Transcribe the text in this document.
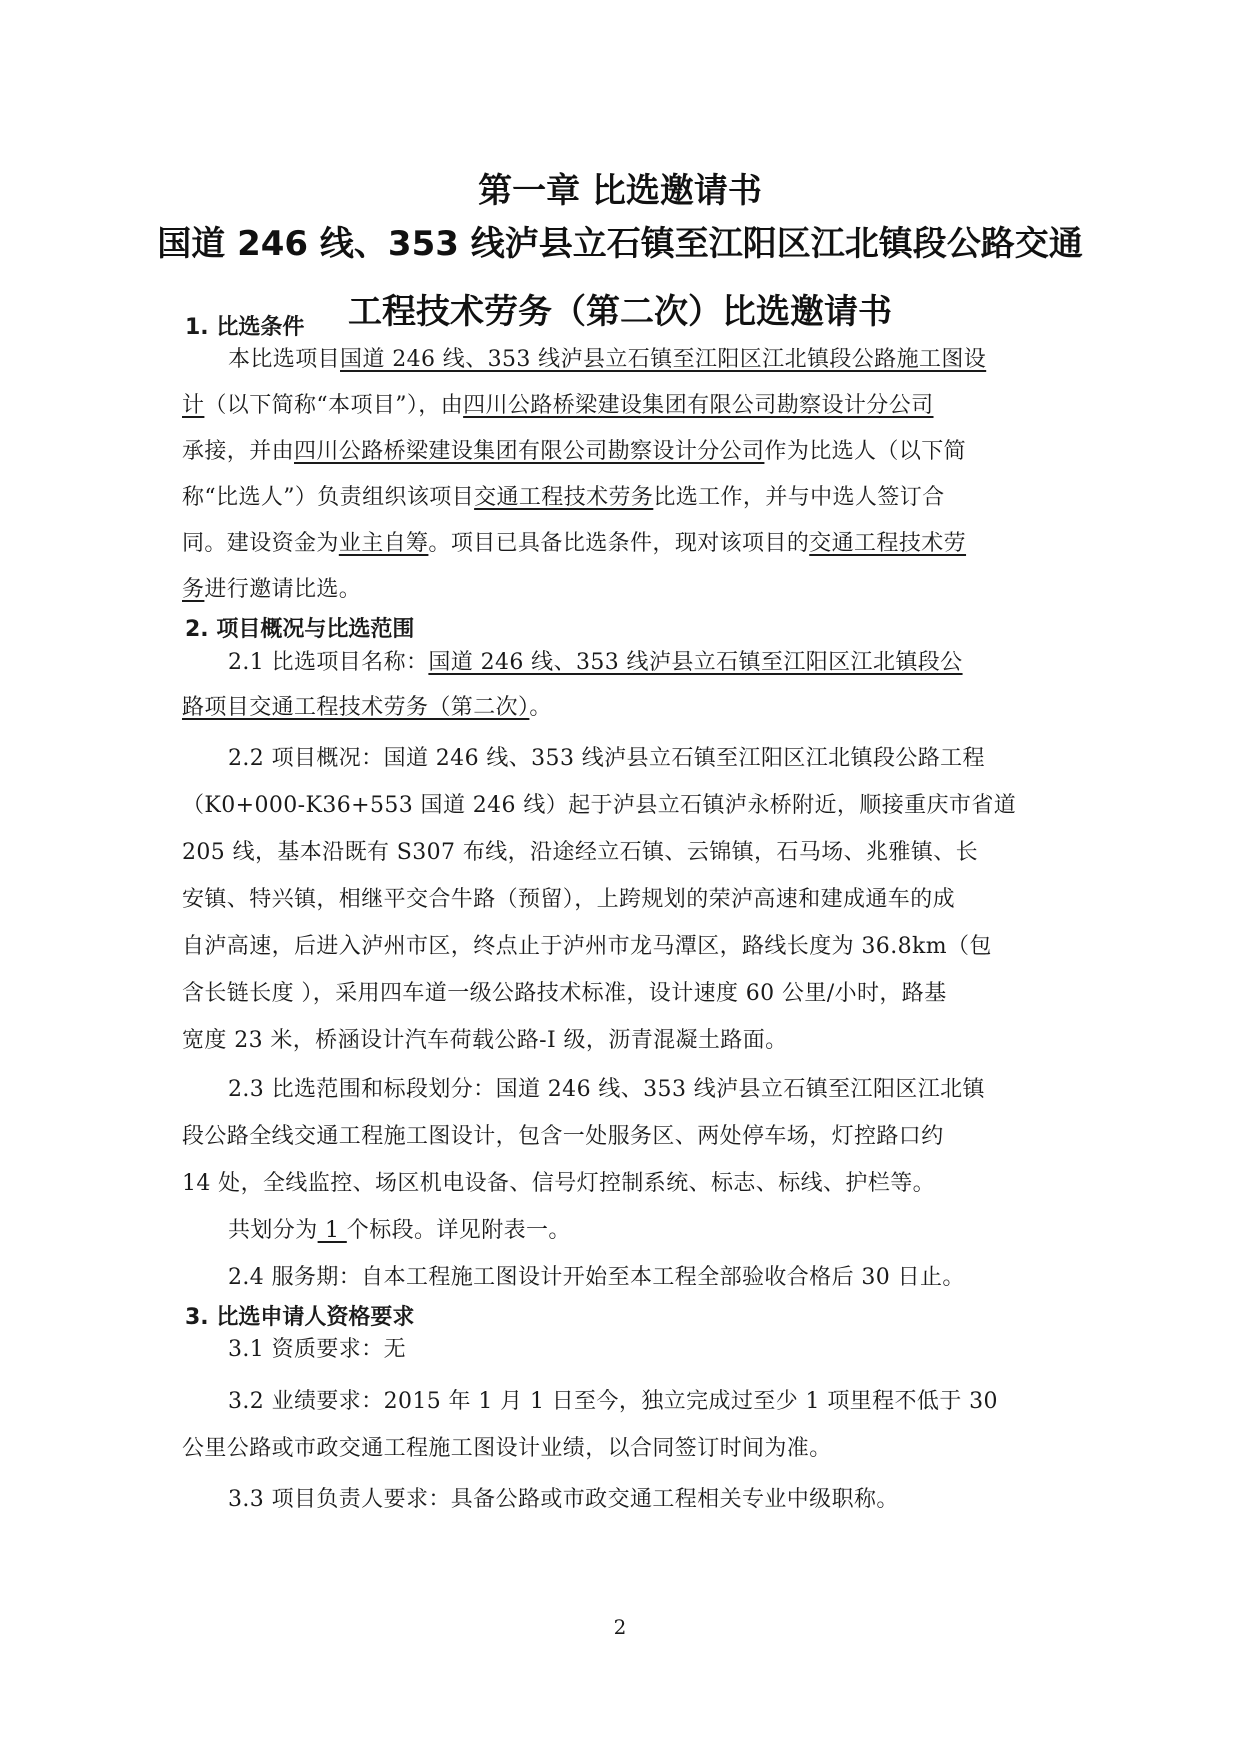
第一章 比选邀请书
国道 246 线、353 线泸县立石镇至江阳区江北镇段公路交通
工程技术劳务（第二次）比选邀请书
1. 比选条件
本比选项目国道 246 线、353 线泸县立石镇至江阳区江北镇段公路施工图设
计（以下简称“本项目”），由四川公路桥梁建设集团有限公司勘察设计分公司
承接，并由四川公路桥梁建设集团有限公司勘察设计分公司作为比选人（以下简
称“比选人”）负责组织该项目交通工程技术劳务比选工作，并与中选人签订合
同。建设资金为业主自筹。项目已具备比选条件，现对该项目的交通工程技术劳
务进行邀请比选。
2. 项目概况与比选范围
2.1 比选项目名称：国道 246 线、353 线泸县立石镇至江阳区江北镇段公
路项目交通工程技术劳务（第二次）。
2.2 项目概况：国道 246 线、353 线泸县立石镇至江阳区江北镇段公路工程
（K0+000-K36+553 国道 246 线）起于泸县立石镇泸永桥附近，顺接重庆市省道
205 线，基本沿既有 S307 布线，沿途经立石镇、云锦镇，石马场、兆雅镇、长
安镇、特兴镇，相继平交合牛路（预留），上跨规划的荣泸高速和建成通车的成
自泸高速，后进入泸州市区，终点止于泸州市龙马潭区，路线长度为 36.8km（包
含长链长度 ），采用四车道一级公路技术标准，设计速度 60 公里/小时，路基
宽度 23 米，桥涵设计汽车荷载公路-I 级，沥青混凝土路面。
2.3 比选范围和标段划分：国道 246 线、353 线泸县立石镇至江阳区江北镇
段公路全线交通工程施工图设计，包含一处服务区、两处停车场，灯控路口约
14 处，全线监控、场区机电设备、信号灯控制系统、标志、标线、护栏等。
共划分为 1 个标段。详见附表一。
2.4 服务期：自本工程施工图设计开始至本工程全部验收合格后 30 日止。
3. 比选申请人资格要求
3.1 资质要求：无
3.2 业绩要求：2015 年 1 月 1 日至今，独立完成过至少 1 项里程不低于 30
公里公路或市政交通工程施工图设计业绩，以合同签订时间为准。
3.3 项目负责人要求：具备公路或市政交通工程相关专业中级职称。
2
